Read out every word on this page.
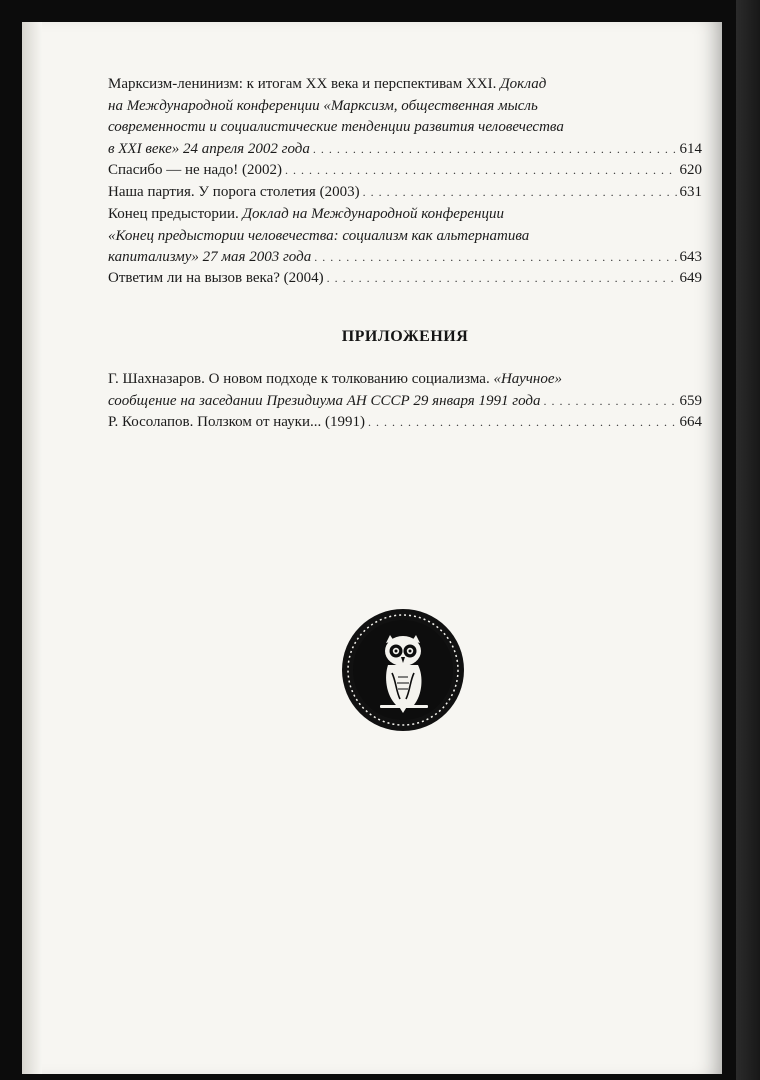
Марксизм-ленинизм: к итогам XX века и перспективам XXI. Доклад
на Международной конференции «Марксизм, общественная мысль
современности и социалистические тенденции развития человечества
в XXI веке» 24 апреля 2002 года . . .	614
Спасибо — не надо! (2002) . . .	620
Наша партия. У порога столетия (2003) . . .	631
Конец предыстории. Доклад на Международной конференции
«Конец предыстории человечества: социализм как альтернатива
капитализму» 27 мая 2003 года . . .	643
Ответим ли на вызов века? (2004) . . .	649
ПРИЛОЖЕНИЯ
Г. Шахназаров. О новом подходе к толкованию социализма. «Научное»
сообщение на заседании Президиума АН СССР 29 января 1991 года . . .	659
Р. Косолапов. Ползком от науки... (1991) . . .	664
